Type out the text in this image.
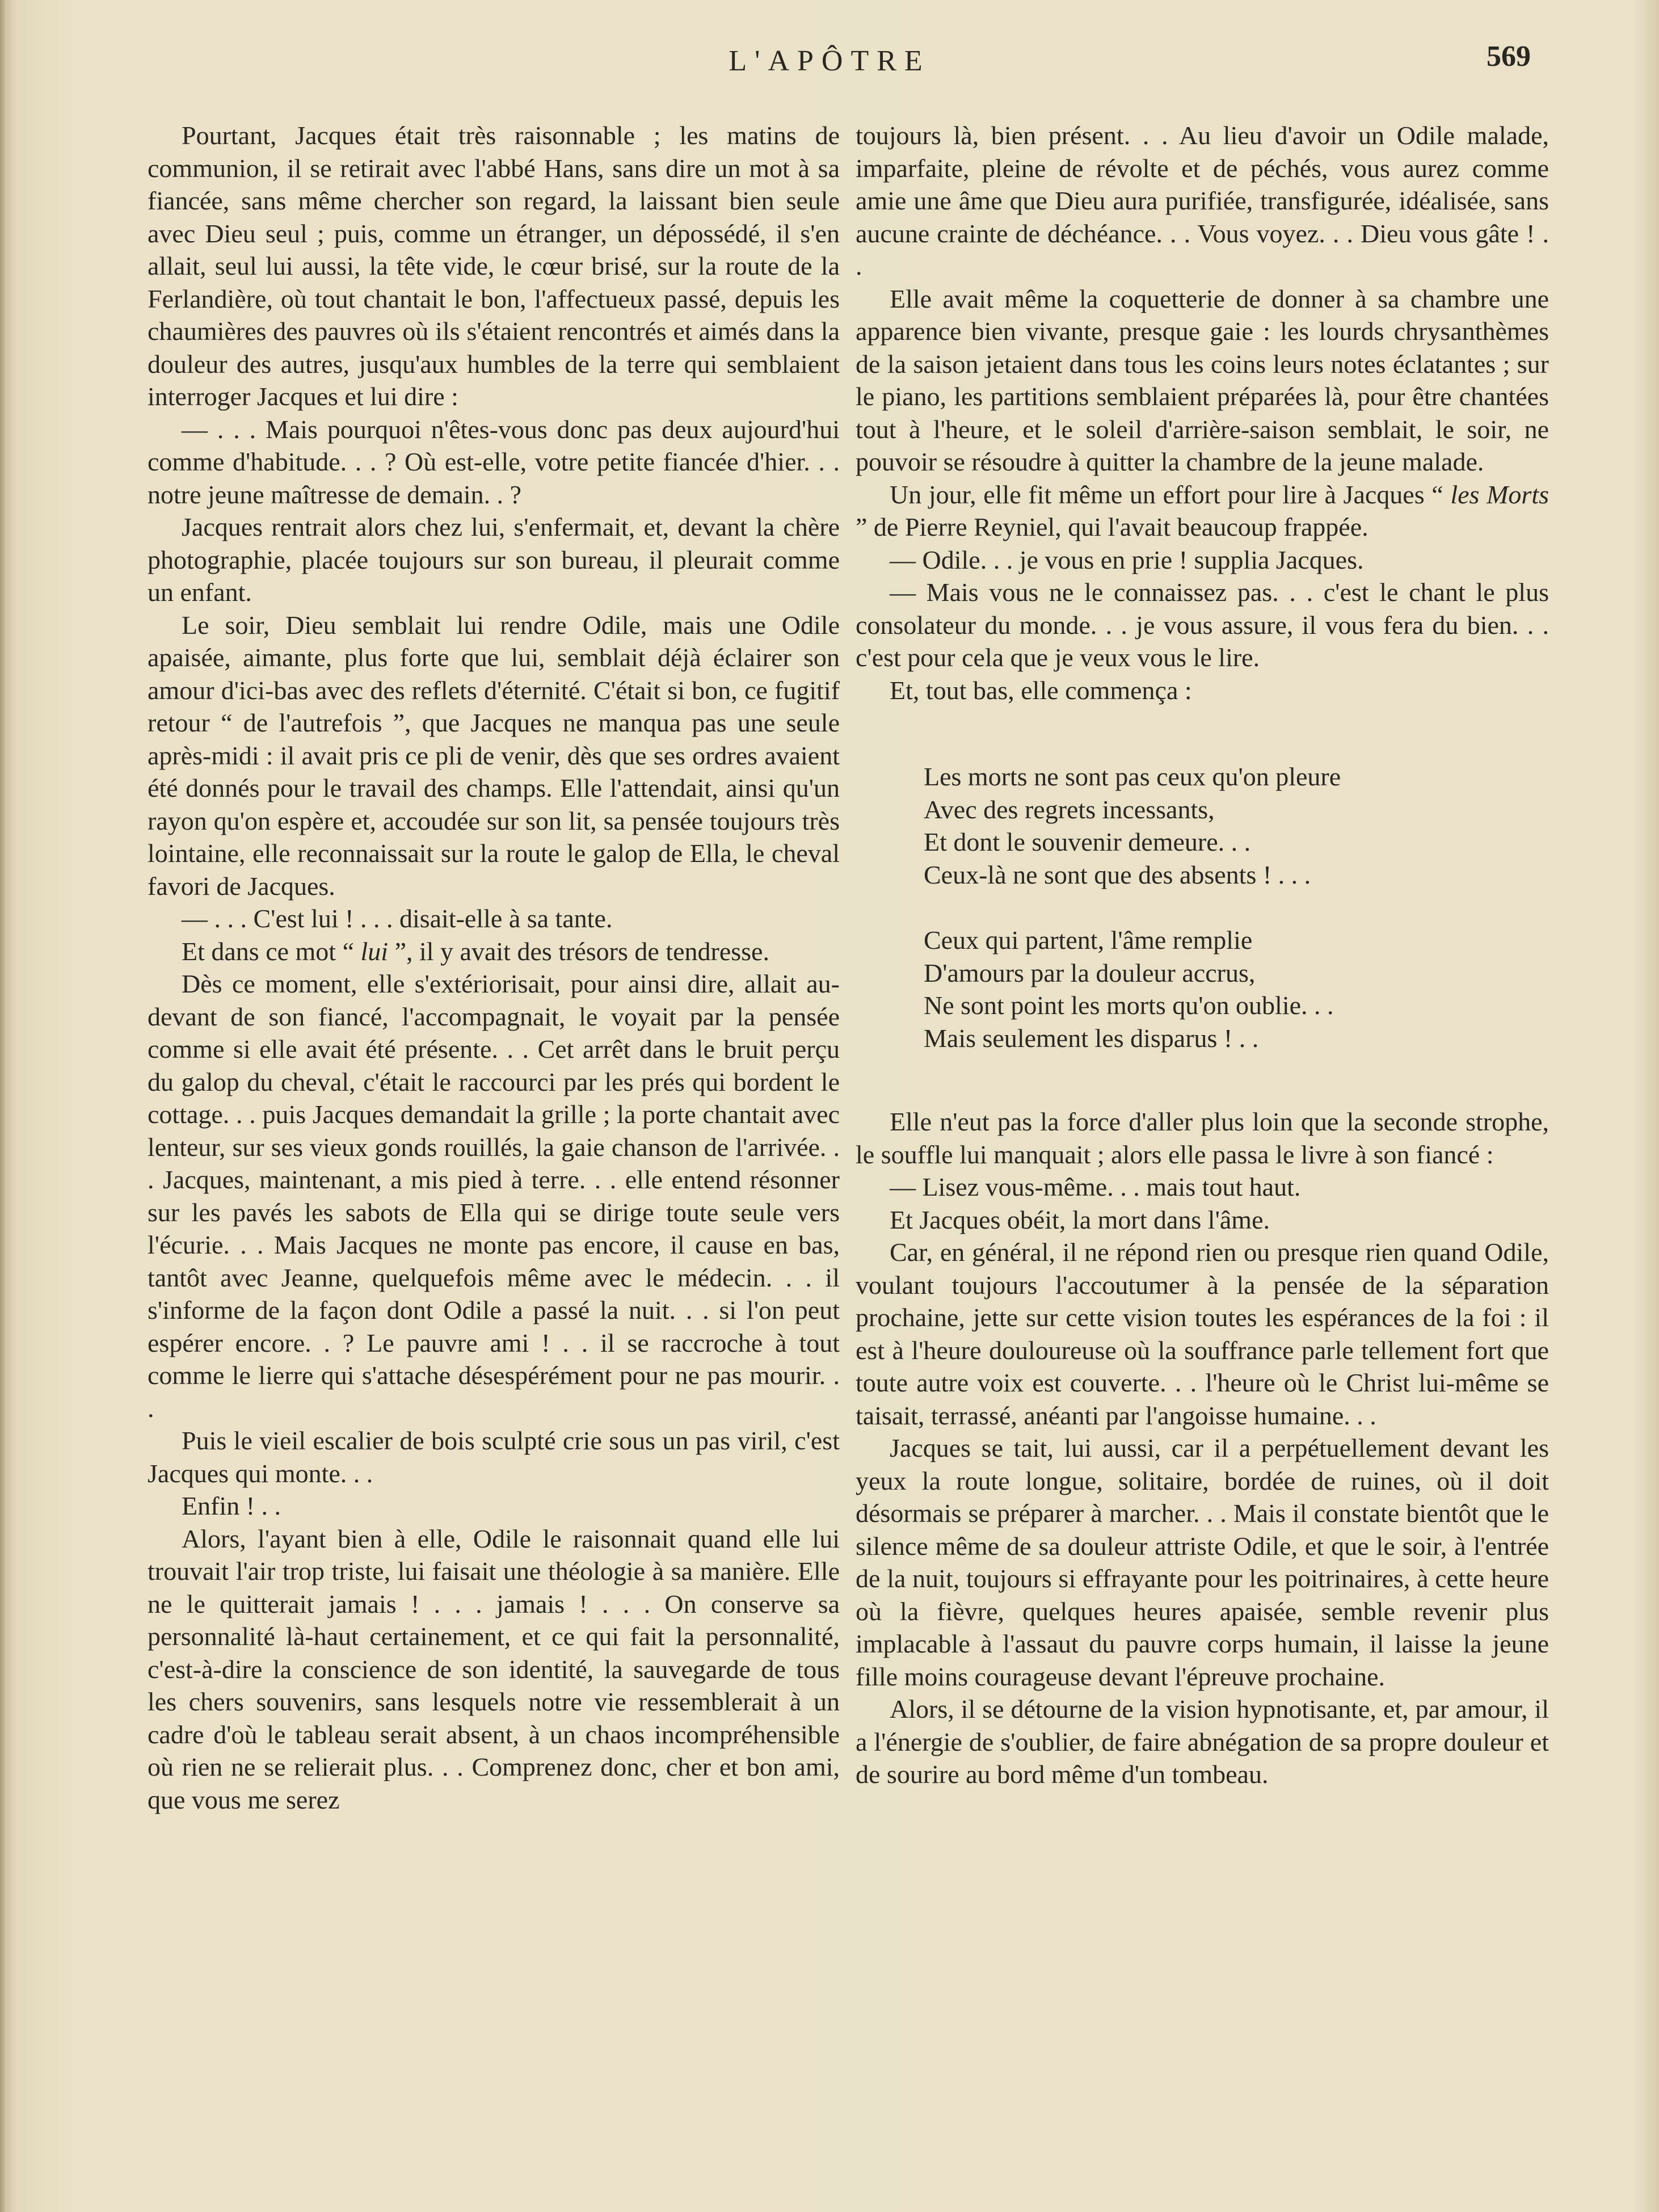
L'APÔTRE	569

Pourtant, Jacques était très raisonnable ; les matins de communion, il se retirait avec l'abbé Hans, sans dire un mot à sa fiancée, sans même chercher son regard, la laissant bien seule avec Dieu seul ; puis, comme un étranger, un dépossédé, il s'en allait, seul lui aussi, la tête vide, le cœur brisé, sur la route de la Ferlandière, où tout chantait le bon, l'affectueux passé, depuis les chaumières des pauvres où ils s'étaient rencontrés et aimés dans la douleur des autres, jusqu'aux humbles de la terre qui semblaient interroger Jacques et lui dire :

— . . . Mais pourquoi n'êtes-vous donc pas deux aujourd'hui comme d'habitude. . . ? Où est-elle, votre petite fiancée d'hier. . . notre jeune maîtresse de demain. . ?

Jacques rentrait alors chez lui, s'enfermait, et, devant la chère photographie, placée toujours sur son bureau, il pleurait comme un enfant.

Le soir, Dieu semblait lui rendre Odile, mais une Odile apaisée, aimante, plus forte que lui, semblait déjà éclairer son amour d'ici-bas avec des reflets d'éternité. C'était si bon, ce fugitif retour “ de l'autrefois ”, que Jacques ne manqua pas une seule après-midi : il avait pris ce pli de venir, dès que ses ordres avaient été donnés pour le travail des champs. Elle l'attendait, ainsi qu'un rayon qu'on espère et, accoudée sur son lit, sa pensée toujours très lointaine, elle reconnaissait sur la route le galop de Ella, le cheval favori de Jacques.

— . . . C'est lui ! . . . disait-elle à sa tante.

Et dans ce mot “ lui ”, il y avait des trésors de tendresse.

Dès ce moment, elle s'extériorisait, pour ainsi dire, allait au-devant de son fiancé, l'accompagnait, le voyait par la pensée comme si elle avait été présente. . . Cet arrêt dans le bruit perçu du galop du cheval, c'était le raccourci par les prés qui bordent le cottage. . . puis Jacques demandait la grille ; la porte chantait avec lenteur, sur ses vieux gonds rouillés, la gaie chanson de l'arrivée. . . Jacques, maintenant, a mis pied à terre. . . elle entend résonner sur les pavés les sabots de Ella qui se dirige toute seule vers l'écurie. . . Mais Jacques ne monte pas encore, il cause en bas, tantôt avec Jeanne, quelquefois même avec le médecin. . . il s'informe de la façon dont Odile a passé la nuit. . . si l'on peut espérer encore. . ? Le pauvre ami ! . . il se raccroche à tout comme le lierre qui s'attache désespérément pour ne pas mourir. . .

Puis le vieil escalier de bois sculpté crie sous un pas viril, c'est Jacques qui monte. . .

Enfin ! . .

Alors, l'ayant bien à elle, Odile le raisonnait quand elle lui trouvait l'air trop triste, lui faisait une théologie à sa manière. Elle ne le quitterait jamais ! . . . jamais ! . . . On conserve sa personnalité là-haut certainement, et ce qui fait la personnalité, c'est-à-dire la conscience de son identité, la sauvegarde de tous les chers souvenirs, sans lesquels notre vie ressemblerait à un cadre d'où le tableau serait absent, à un chaos incompréhensible où rien ne se relierait plus. . . Comprenez donc, cher et bon ami, que vous me serez

toujours là, bien présent. . . Au lieu d'avoir un Odile malade, imparfaite, pleine de révolte et de péchés, vous aurez comme amie une âme que Dieu aura purifiée, transfigurée, idéalisée, sans aucune crainte de déchéance. . . Vous voyez. . . Dieu vous gâte ! . .

Elle avait même la coquetterie de donner à sa chambre une apparence bien vivante, presque gaie : les lourds chrysanthèmes de la saison jetaient dans tous les coins leurs notes éclatantes ; sur le piano, les partitions semblaient préparées là, pour être chantées tout à l'heure, et le soleil d'arrière-saison semblait, le soir, ne pouvoir se résoudre à quitter la chambre de la jeune malade.

Un jour, elle fit même un effort pour lire à Jacques “ les Morts ” de Pierre Reyniel, qui l'avait beaucoup frappée.

— Odile. . . je vous en prie ! supplia Jacques.

— Mais vous ne le connaissez pas. . . c'est le chant le plus consolateur du monde. . . je vous assure, il vous fera du bien. . . c'est pour cela que je veux vous le lire.

Et, tout bas, elle commença :

Les morts ne sont pas ceux qu'on pleure
Avec des regrets incessants,
Et dont le souvenir demeure. . .
Ceux-là ne sont que des absents ! . . .
Ceux qui partent, l'âme remplie
D'amours par la douleur accrus,
Ne sont point les morts qu'on oublie. . .
Mais seulement les disparus ! . .

Elle n'eut pas la force d'aller plus loin que la seconde strophe, le souffle lui manquait ; alors elle passa le livre à son fiancé :

— Lisez vous-même. . . mais tout haut.

Et Jacques obéit, la mort dans l'âme.

Car, en général, il ne répond rien ou presque rien quand Odile, voulant toujours l'accoutumer à la pensée de la séparation prochaine, jette sur cette vision toutes les espérances de la foi : il est à l'heure douloureuse où la souffrance parle tellement fort que toute autre voix est couverte. . . l'heure où le Christ lui-même se taisait, terrassé, anéanti par l'angoisse humaine. . .

Jacques se tait, lui aussi, car il a perpétuellement devant les yeux la route longue, solitaire, bordée de ruines, où il doit désormais se préparer à marcher. . . Mais il constate bientôt que le silence même de sa douleur attriste Odile, et que le soir, à l'entrée de la nuit, toujours si effrayante pour les poitrinaires, à cette heure où la fièvre, quelques heures apaisée, semble revenir plus implacable à l'assaut du pauvre corps humain, il laisse la jeune fille moins courageuse devant l'épreuve prochaine.

Alors, il se détourne de la vision hypnotisante, et, par amour, il a l'énergie de s'oublier, de faire abnégation de sa propre douleur et de sourire au bord même d'un tombeau.
